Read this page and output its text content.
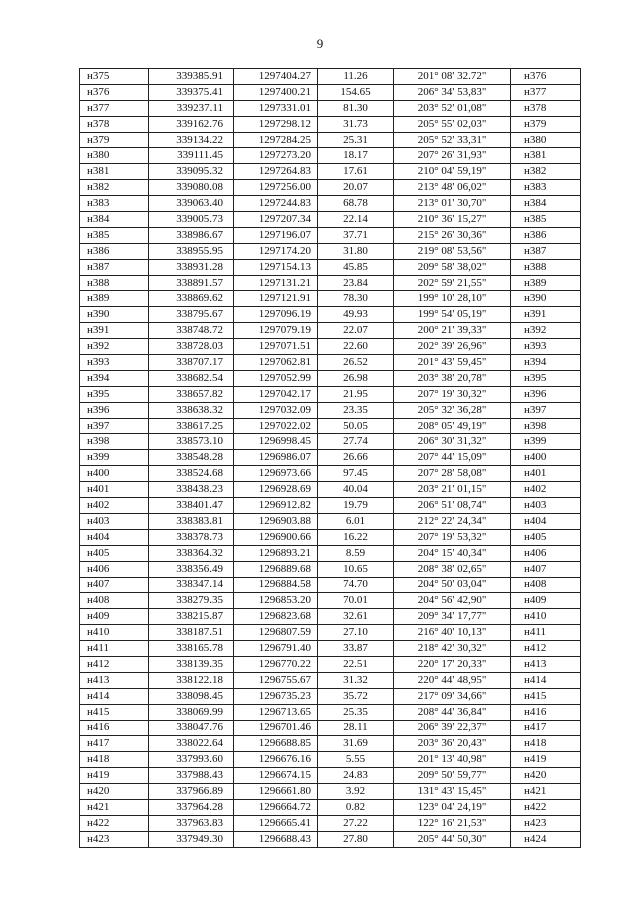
9
н375	339385.91	1297404.27	11.26	201° 08' 32.72"	н376
н376	339375.41	1297400.21	154.65	206° 34' 53,83"	н377
н377	339237.11	1297331.01	81.30	203° 52' 01,08"	н378
н378	339162.76	1297298.12	31.73	205° 55' 02,03"	н379
н379	339134.22	1297284.25	25.31	205° 52' 33,31"	н380
н380	339111.45	1297273.20	18.17	207° 26' 31,93"	н381
н381	339095.32	1297264.83	17.61	210° 04' 59,19"	н382
н382	339080.08	1297256.00	20.07	213° 48' 06,02"	н383
н383	339063.40	1297244.83	68.78	213° 01' 30,70"	н384
н384	339005.73	1297207.34	22.14	210° 36' 15,27"	н385
н385	338986.67	1297196.07	37.71	215° 26' 30,36"	н386
н386	338955.95	1297174.20	31.80	219° 08' 53,56"	н387
н387	338931.28	1297154.13	45.85	209° 58' 38,02"	н388
н388	338891.57	1297131.21	23.84	202° 59' 21,55"	н389
н389	338869.62	1297121.91	78.30	199° 10' 28,10"	н390
н390	338795.67	1297096.19	49.93	199° 54' 05,19"	н391
н391	338748.72	1297079.19	22.07	200° 21' 39,33"	н392
н392	338728.03	1297071.51	22.60	202° 39' 26,96"	н393
н393	338707.17	1297062.81	26.52	201° 43' 59,45"	н394
н394	338682.54	1297052.99	26.98	203° 38' 20,78"	н395
н395	338657.82	1297042.17	21.95	207° 19' 30,32"	н396
н396	338638.32	1297032.09	23.35	205° 32' 36,28"	н397
н397	338617.25	1297022.02	50.05	208° 05' 49,19"	н398
н398	338573.10	1296998.45	27.74	206° 30' 31,32"	н399
н399	338548.28	1296986.07	26.66	207° 44' 15,09"	н400
н400	338524.68	1296973.66	97.45	207° 28' 58,08"	н401
н401	338438.23	1296928.69	40.04	203° 21' 01,15"	н402
н402	338401.47	1296912.82	19.79	206° 51' 08,74"	н403
н403	338383.81	1296903.88	6.01	212° 22' 24,34"	н404
н404	338378.73	1296900.66	16.22	207° 19' 53,32"	н405
н405	338364.32	1296893.21	8.59	204° 15' 40,34"	н406
н406	338356.49	1296889.68	10.65	208° 38' 02,65"	н407
н407	338347.14	1296884.58	74.70	204° 50' 03,04"	н408
н408	338279.35	1296853.20	70.01	204° 56' 42,90"	н409
н409	338215.87	1296823.68	32.61	209° 34' 17,77"	н410
н410	338187.51	1296807.59	27.10	216° 40' 10,13"	н411
н411	338165.78	1296791.40	33.87	218° 42' 30,32"	н412
н412	338139.35	1296770.22	22.51	220° 17' 20,33"	н413
н413	338122.18	1296755.67	31.32	220° 44' 48,95"	н414
н414	338098.45	1296735.23	35.72	217° 09' 34,66"	н415
н415	338069.99	1296713.65	25.35	208° 44' 36,84"	н416
н416	338047.76	1296701.46	28.11	206° 39' 22,37"	н417
н417	338022.64	1296688.85	31.69	203° 36' 20,43"	н418
н418	337993.60	1296676.16	5.55	201° 13' 40,98"	н419
н419	337988.43	1296674.15	24.83	209° 50' 59,77"	н420
н420	337966.89	1296661.80	3.92	131° 43' 15,45"	н421
н421	337964.28	1296664.72	0.82	123° 04' 24,19"	н422
н422	337963.83	1296665.41	27.22	122° 16' 21,53"	н423
н423	337949.30	1296688.43	27.80	205° 44' 50,30"	н424
